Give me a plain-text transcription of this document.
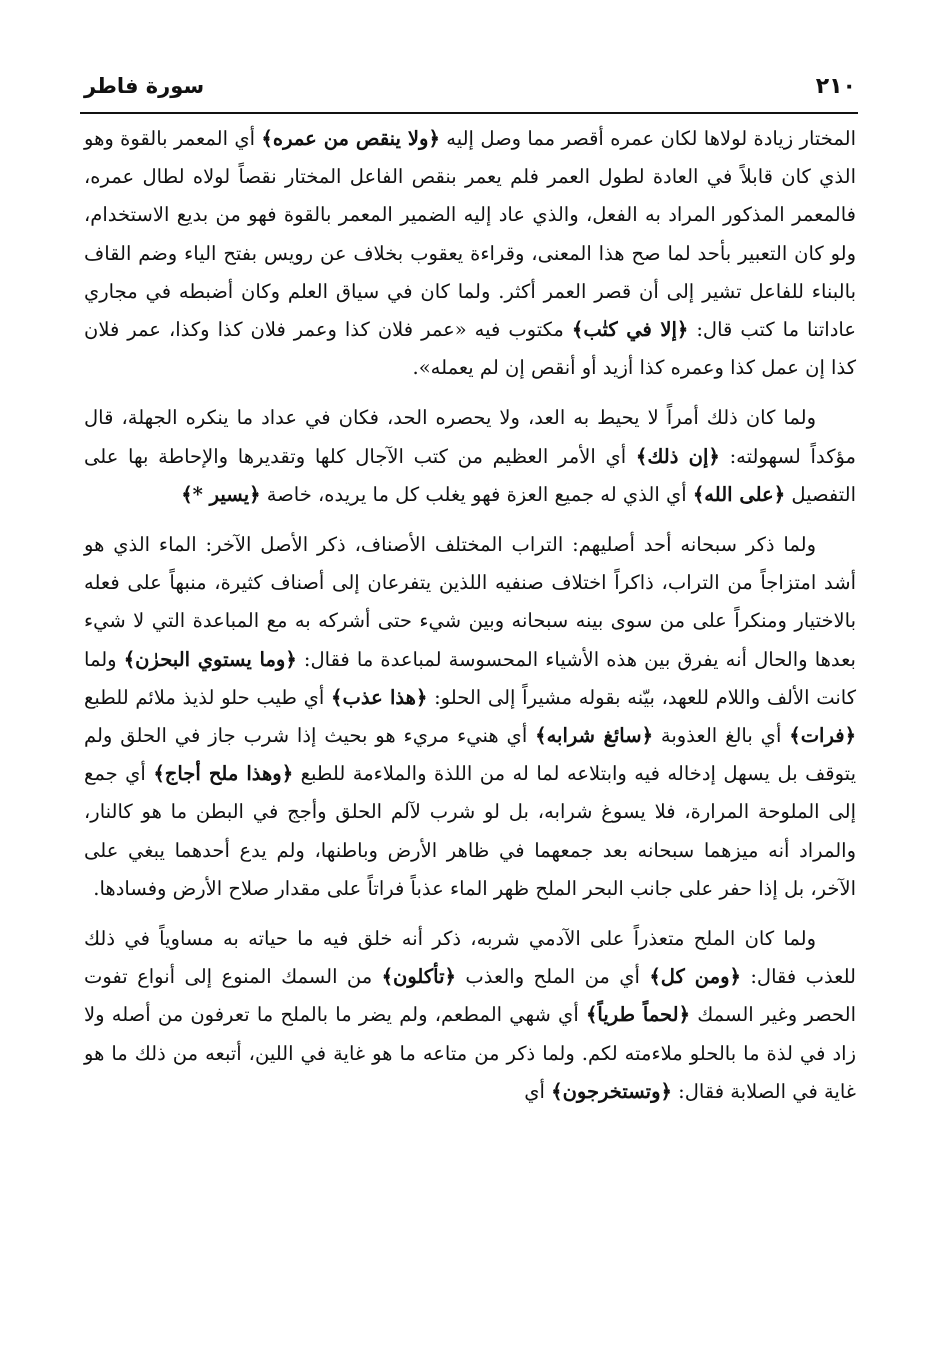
٢١٠
سورة فاطر

المختار زيادة لولاها لكان عمره أقصر مما وصل إليه ﴿ولا ينقص من عمره﴾ أي المعمر بالقوة وهو الذي كان قابلاً في العادة لطول العمر فلم يعمر بنقص الفاعل المختار نقصاً لولاه لطال عمره، فالمعمر المذكور المراد به الفعل، والذي عاد إليه الضمير المعمر بالقوة فهو من بديع الاستخدام، ولو كان التعبير بأحد لما صح هذا المعنى، وقراءة يعقوب بخلاف عن رويس بفتح الياء وضم القاف بالبناء للفاعل تشير إلى أن قصر العمر أكثر. ولما كان في سياق العلم وكان أضبطه في مجاري عاداتنا ما كتب قال: ﴿إلا في كتٰب﴾ مكتوب فيه «عمر فلان كذا وعمر فلان كذا وكذا، عمر فلان كذا إن عمل كذا وعمره كذا أزيد أو أنقص إن لم يعمله».

ولما كان ذلك أمراً لا يحيط به العد، ولا يحصره الحد، فكان في عداد ما ينكره الجهلة، قال مؤكداً لسهولته: ﴿إن ذلك﴾ أي الأمر العظيم من كتب الآجال كلها وتقديرها والإحاطة بها على التفصيل ﴿على الله﴾ أي الذي له جميع العزة فهو يغلب كل ما يريده، خاصة ﴿يسير *﴾

ولما ذكر سبحانه أحد أصليهم: التراب المختلف الأصناف، ذكر الأصل الآخر: الماء الذي هو أشد امتزاجاً من التراب، ذاكراً اختلاف صنفيه اللذين يتفرعان إلى أصناف كثيرة، منبهاً على فعله بالاختيار ومنكراً على من سوى بينه سبحانه وبين شيء حتى أشركه به مع المباعدة التي لا شيء بعدها والحال أنه يفرق بين هذه الأشياء المحسوسة لمباعدة ما فقال: ﴿وما يستوي البحرٰن﴾ ولما كانت الألف واللام للعهد، بيّنه بقوله مشيراً إلى الحلو: ﴿هذا عذب﴾ أي طيب حلو لذيذ ملائم للطبع ﴿فرات﴾ أي بالغ العذوبة ﴿سائغ شرابه﴾ أي هنيء مريء هو بحيث إذا شرب جاز في الحلق ولم يتوقف بل يسهل إدخاله فيه وابتلاعه لما له من اللذة والملاءمة للطبع ﴿وهذا ملح أجاج﴾ أي جمع إلى الملوحة المرارة، فلا يسوغ شرابه، بل لو شرب لآلم الحلق وأجج في البطن ما هو كالنار، والمراد أنه ميزهما سبحانه بعد جمعهما في ظاهر الأرض وباطنها، ولم يدع أحدهما يبغي على الآخر، بل إذا حفر على جانب البحر الملح ظهر الماء عذباً فراتاً على مقدار صلاح الأرض وفسادها.

ولما كان الملح متعذراً على الآدمي شربه، ذكر أنه خلق فيه ما حياته به مساوياً في ذلك للعذب فقال: ﴿ومن كل﴾ أي من الملح والعذب ﴿تأكلون﴾ من السمك المنوع إلى أنواع تفوت الحصر وغير السمك ﴿لحماً طرياً﴾ أي شهي المطعم، ولم يضر ما بالملح ما تعرفون من أصله ولا زاد في لذة ما بالحلو ملاءمته لكم. ولما ذكر من متاعه ما هو غاية في اللين، أتبعه من ذلك ما هو غاية في الصلابة فقال: ﴿وتستخرجون﴾ أي
